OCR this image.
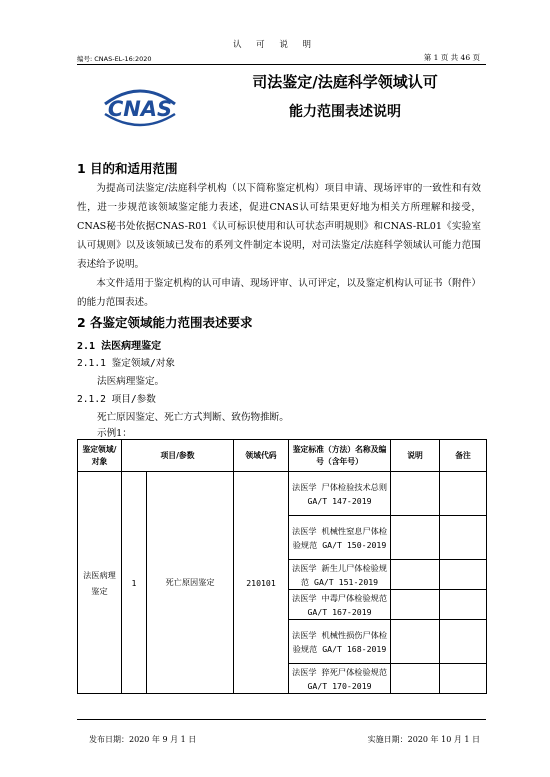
认 可 说 明
编号: CNAS-EL-16:2020	第 1 页 共 46 页
CNAS
司法鉴定/法庭科学领域认可
能力范围表述说明
1 目的和适用范围

为提高司法鉴定/法庭科学机构（以下简称鉴定机构）项目申请、现场评审的一致性和有效性，进一步规范该领域鉴定能力表述，促进CNAS认可结果更好地为相关方所理解和接受，CNAS秘书处依据CNAS-R01《认可标识使用和认可状态声明规则》和CNAS-RL01《实验室认可规则》以及该领域已发布的系列文件制定本说明，对司法鉴定/法庭科学领域认可能力范围表述给予说明。

本文件适用于鉴定机构的认可申请、现场评审、认可评定，以及鉴定机构认可证书（附件）的能力范围表述。

2 各鉴定领域能力范围表述要求
2.1 法医病理鉴定
2.1.1 鉴定领域/对象
法医病理鉴定。
2.1.2 项目/参数
死亡原因鉴定、死亡方式判断、致伤物推断。
示例1：
鉴定领域/对象	项目/参数		领域代码	鉴定标准（方法）名称及编号（含年号）	说明	备注
法医病理鉴定	1	死亡原因鉴定	210101	法医学 尸体检验技术总则 GA/T 147-2019		
				法医学 机械性窒息尸体检验规范 GA/T 150-2019		
				法医学 新生儿尸体检验规范 GA/T 151-2019		
				法医学 中毒尸体检验规范 GA/T 167-2019		
				法医学 机械性损伤尸体检验规范 GA/T 168-2019		
				法医学 猝死尸体检验规范 GA/T 170-2019		
发布日期：2020 年 9 月 1 日	实施日期：2020 年 10 月 1 日
